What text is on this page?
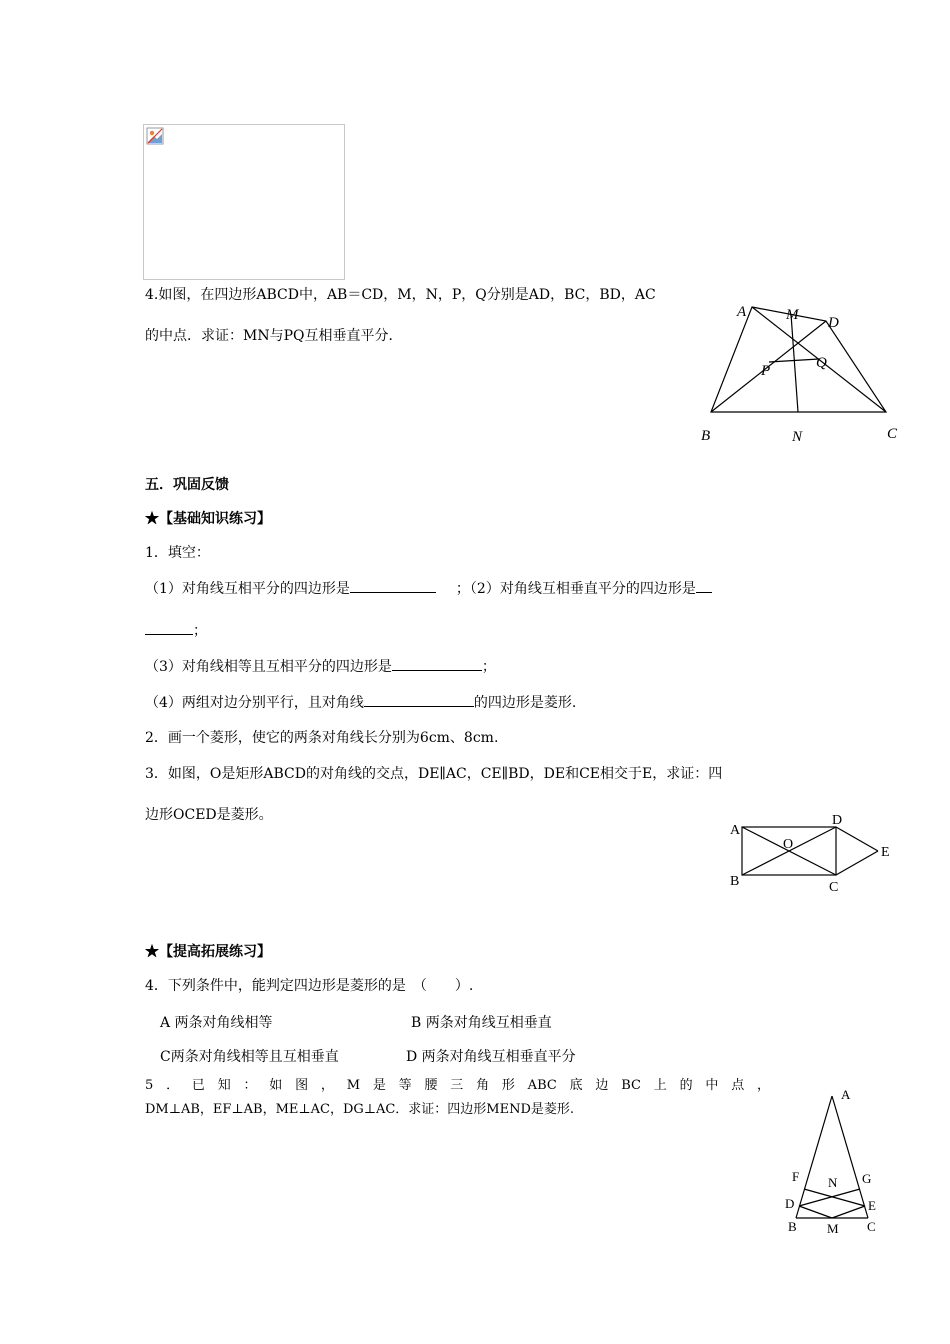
4.如图，在四边形ABCD中，AB＝CD，M，N，P，Q分别是AD，BC，BD，AC
的中点．求证：MN与PQ互相垂直平分．
A	M D
P	Q
B	N	C
五．巩固反馈
★【基础知识练习】
1．填空：
（1）对角线互相平分的四边形是	；（2）对角线互相垂直平分的四边形是
；
（3）对角线相等且互相平分的四边形是	；
（4）两组对边分别平行，且对角线	的四边形是菱形.
2．画一个菱形，使它的两条对角线长分别为6cm、8cm.
3．如图，O是矩形ABCD的对角线的交点，DE∥AC，CE∥BD，DE和CE相交于E，求证：四
边形OCED是菱形。
A
B	C
D
O
E
★【提高拓展练习】
4．下列条件中，能判定四边形是菱形的是　（　　）.
A 两条对角线相等	B 两条对角线互相垂直
C两条对角线相等且互相垂直	D 两条对角线互相垂直平分
5．已知：如图，M是等腰三角形ABC底边BC上的中点，
DM⊥AB，EF⊥AB，ME⊥AC，DG⊥AC．求证：四边形MEND是菱形.
A
F	G
N
D	E
B M C
